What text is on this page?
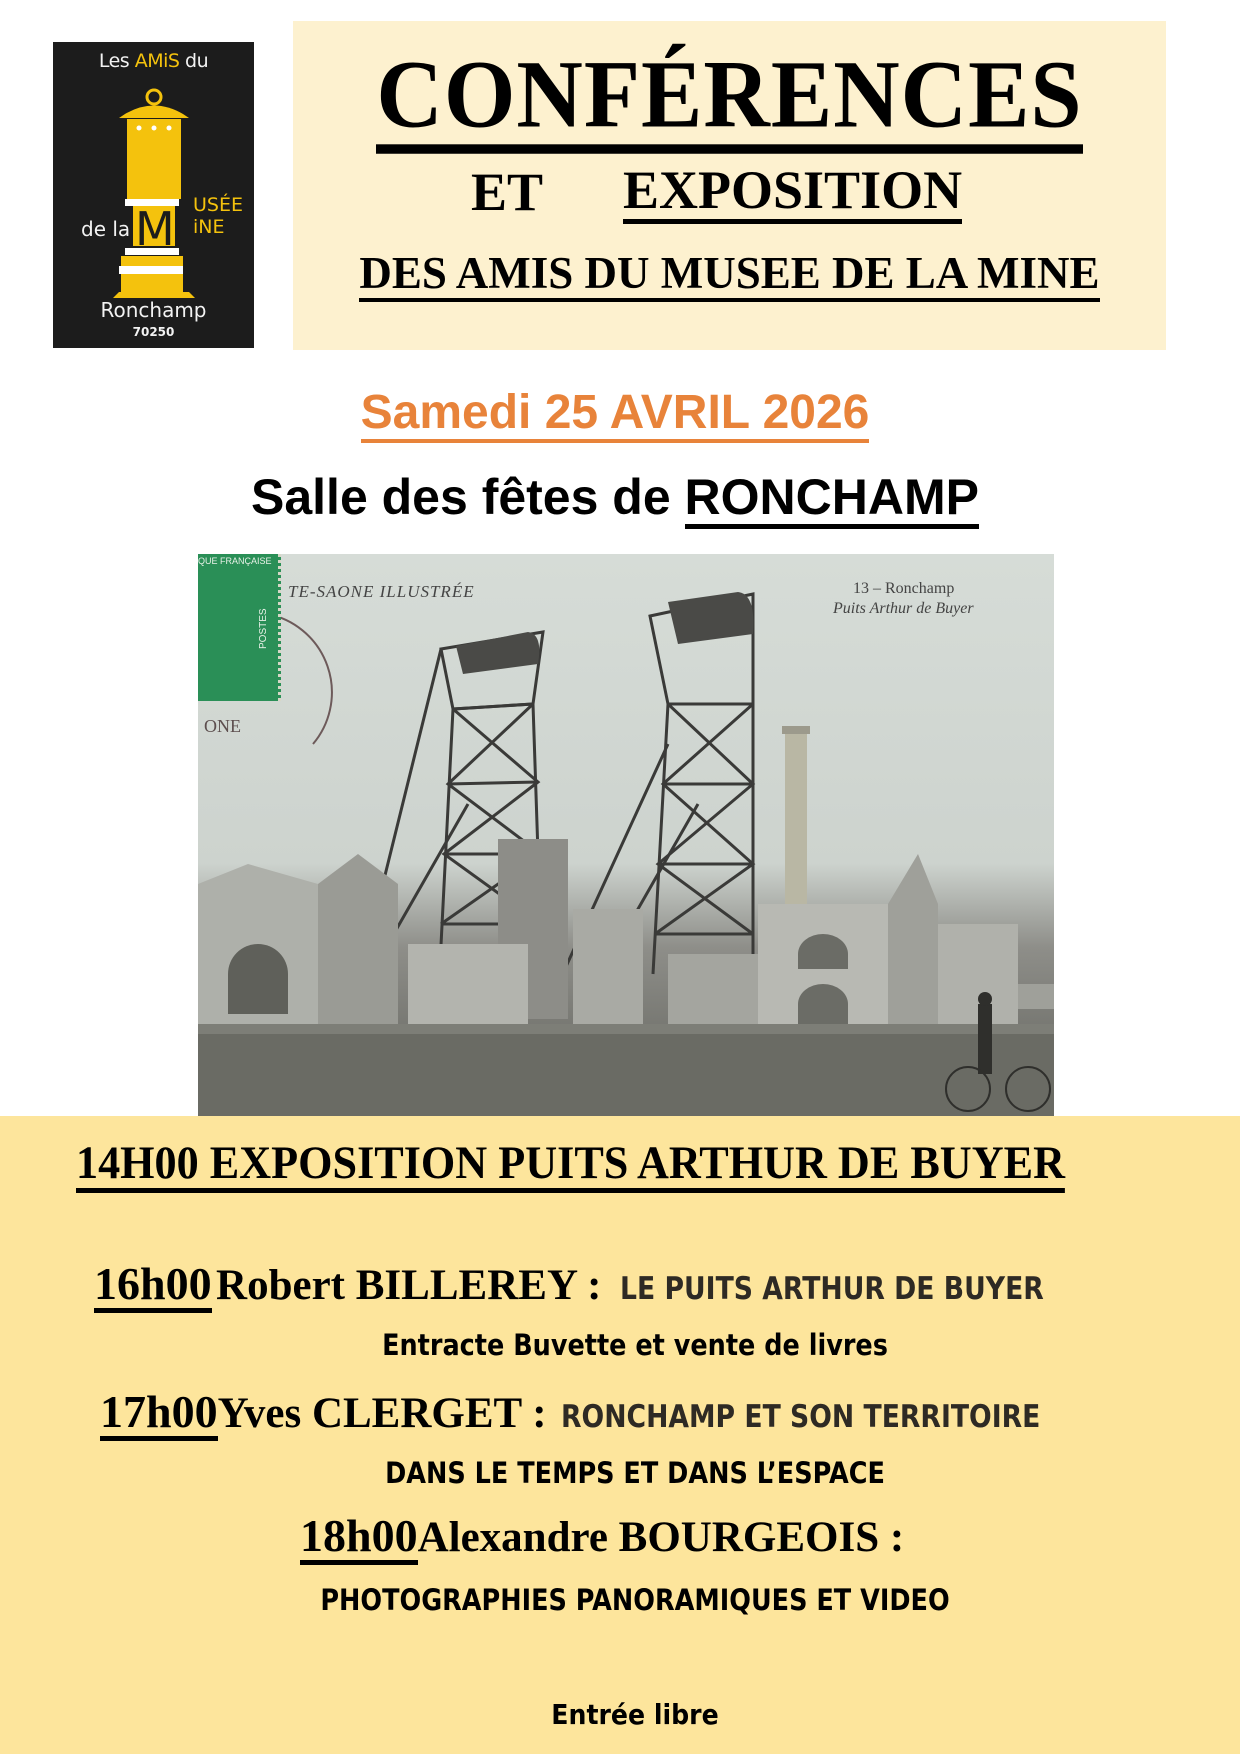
M
Les AMiS du
de la
USÉE
iNE
Ronchamp
70250
CONFÉRENCES
ET EXPOSITION
DES AMIS DU MUSEE DE LA MINE
Samedi 25 AVRIL 2026
Salle des fêtes de RONCHAMP
ONE
QUE FRANÇAISE
POSTES
TE-SAONE ILLUSTRÉE	13 – Ronchamp
Puits Arthur de Buyer
14H00 EXPOSITION PUITS ARTHUR DE BUYER
16h00 Robert BILLEREY : LE PUITS ARTHUR DE BUYER
Entracte Buvette et vente de livres
17h00Yves CLERGET : RONCHAMP ET SON TERRITOIRE
DANS LE TEMPS ET DANS L’ESPACE
18h00Alexandre BOURGEOIS :
PHOTOGRAPHIES PANORAMIQUES ET VIDEO
Entrée libre
